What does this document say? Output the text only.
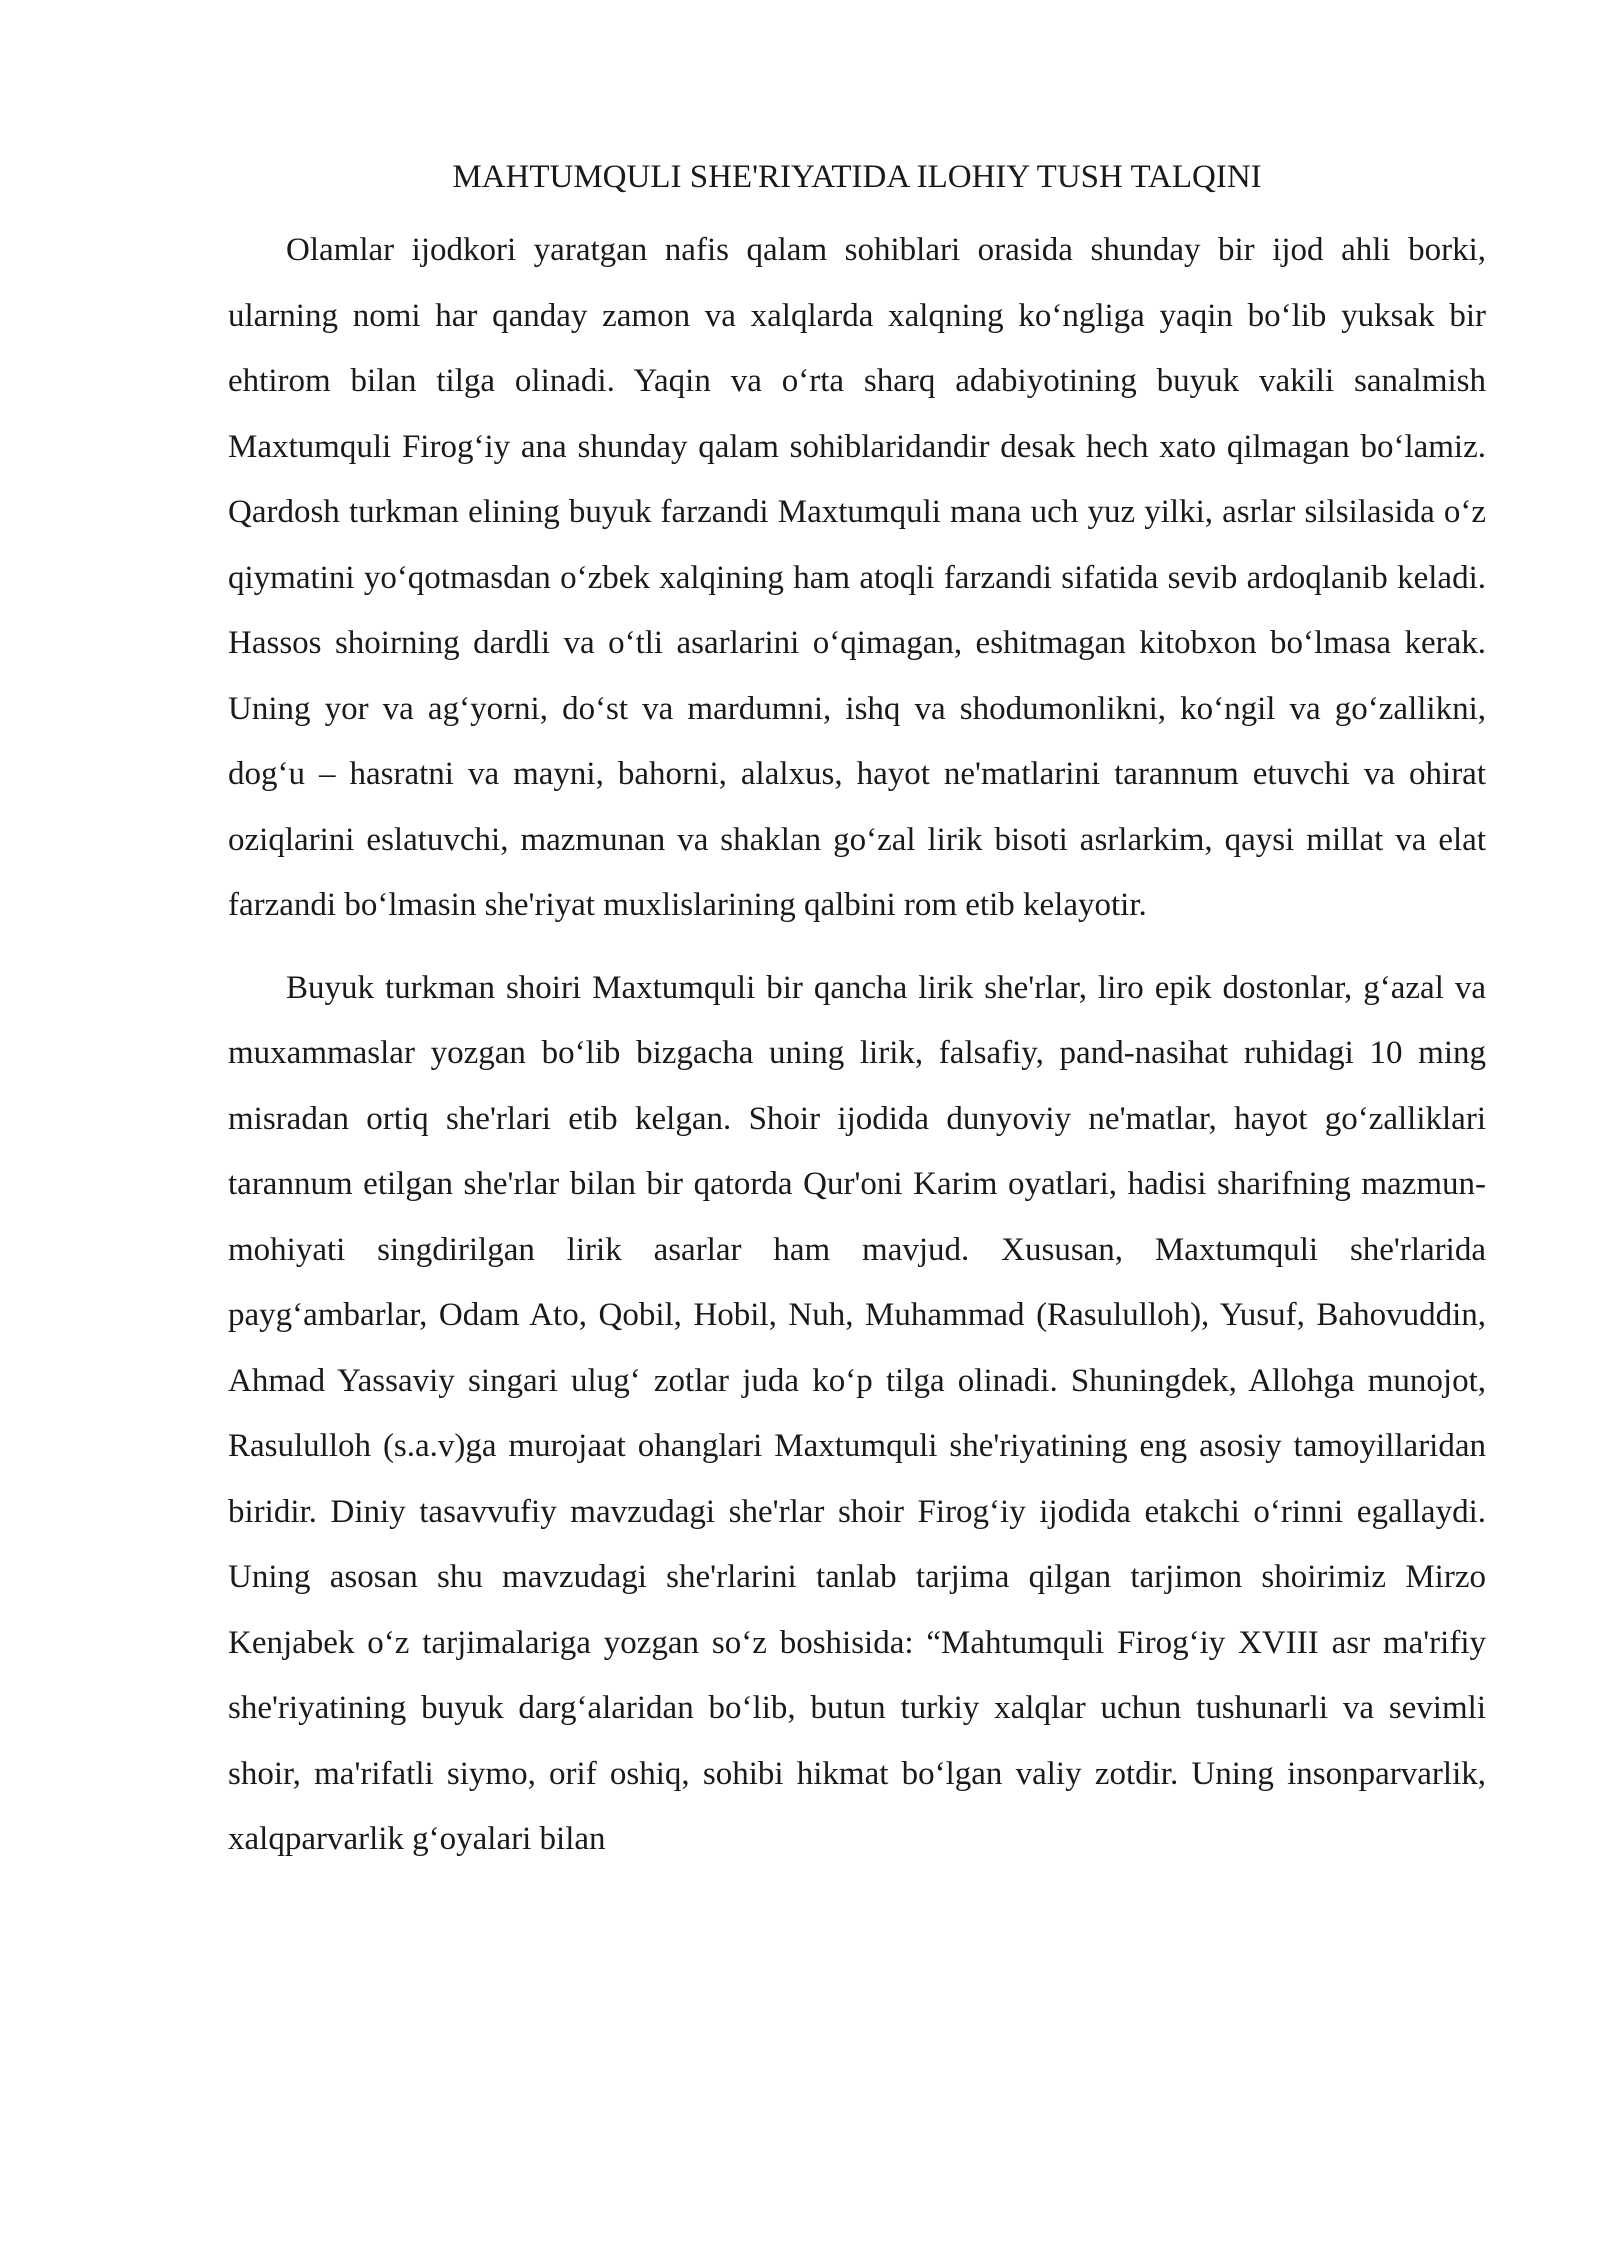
MAHTUMQULI SHE'RIYATIDA ILOHIY TUSH TALQINI

Olamlar ijodkori yaratgan nafis qalam sohiblari orasida shunday bir ijod ahli borki, ularning nomi har qanday zamon va xalqlarda xalqning ko‘ngliga yaqin bo‘lib yuksak bir ehtirom bilan tilga olinadi. Yaqin va o‘rta sharq adabiyotining buyuk vakili sanalmish Maxtumquli Firog‘iy ana shunday qalam sohiblaridandir desak hech xato qilmagan bo‘lamiz. Qardosh turkman elining buyuk farzandi Maxtumquli mana uch yuz yilki, asrlar silsilasida o‘z qiymatini yo‘qotmasdan o‘zbek xalqining ham atoqli farzandi sifatida sevib ardoqlanib keladi. Hassos shoirning dardli va o‘tli asarlarini o‘qimagan, eshitmagan kitobxon bo‘lmasa kerak. Uning yor va ag‘yorni, do‘st va mardumni, ishq va shodumonlikni, ko‘ngil va go‘zallikni, dog‘u – hasratni va mayni, bahorni, alalxus, hayot ne'matlarini tarannum etuvchi va ohirat oziqlarini eslatuvchi, mazmunan va shaklan go‘zal lirik bisoti asrlarkim, qaysi millat va elat farzandi bo‘lmasin she'riyat muxlislarining qalbini rom etib kelayotir.

Buyuk turkman shoiri Maxtumquli bir qancha lirik she'rlar, liro epik dostonlar, g‘azal va muxammaslar yozgan bo‘lib bizgacha uning lirik, falsafiy, pand-nasihat ruhidagi 10 ming misradan ortiq she'rlari etib kelgan. Shoir ijodida dunyoviy ne'matlar, hayot go‘zalliklari tarannum etilgan she'rlar bilan bir qatorda Qur'oni Karim oyatlari, hadisi sharifning mazmun-mohiyati singdirilgan lirik asarlar ham mavjud. Xususan, Maxtumquli she'rlarida payg‘ambarlar, Odam Ato, Qobil, Hobil, Nuh, Muhammad (Rasululloh), Yusuf, Bahovuddin, Ahmad Yassaviy singari ulug‘ zotlar juda ko‘p tilga olinadi. Shuningdek, Allohga munojot, Rasululloh (s.a.v)ga murojaat ohanglari Maxtumquli she'riyatining eng asosiy tamoyillaridan biridir. Diniy tasavvufiy mavzudagi she'rlar shoir Firog‘iy ijodida etakchi o‘rinni egallaydi. Uning asosan shu mavzudagi she'rlarini tanlab tarjima qilgan tarjimon shoirimiz Mirzo Kenjabek o‘z tarjimalariga yozgan so‘z boshisida: “Mahtumquli Firog‘iy XVIII asr ma'rifiy she'riyatining buyuk darg‘alaridan bo‘lib, butun turkiy xalqlar uchun tushunarli va sevimli shoir, ma'rifatli siymo, orif oshiq, sohibi hikmat bo‘lgan valiy zotdir. Uning insonparvarlik, xalqparvarlik g‘oyalari bilan
